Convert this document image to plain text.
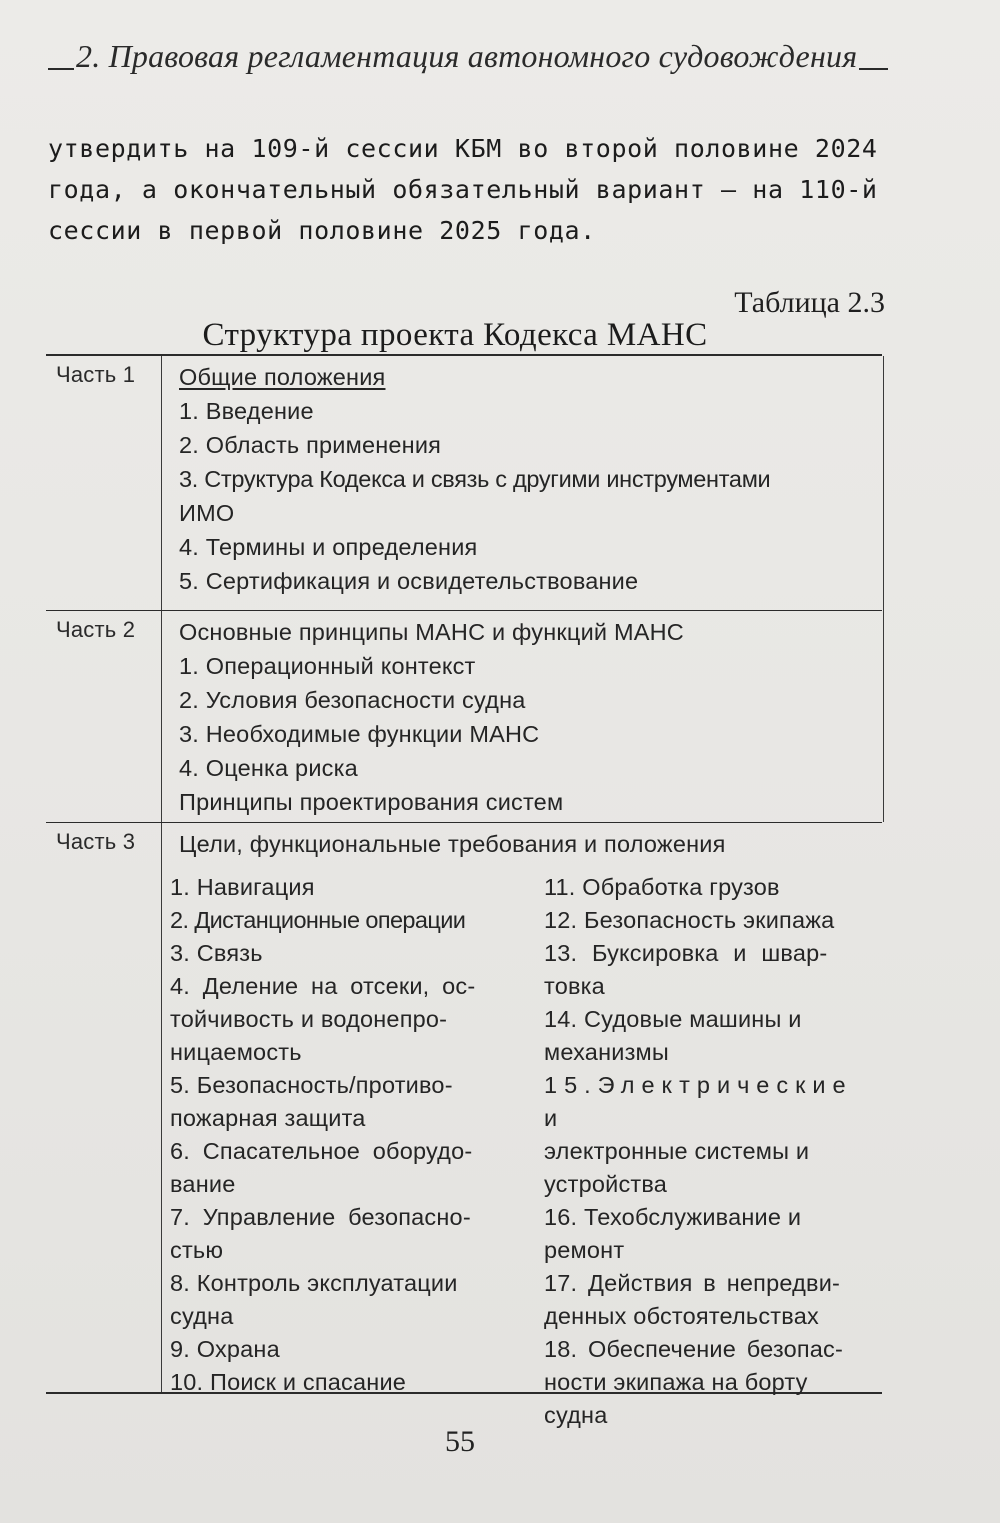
2. Правовая регламентация автономного судовождения
утвердить на 109-й сессии КБМ во второй половине 2024
года, а окончательный обязательный вариант – на 110-й
сессии в первой половине 2025 года.
Таблица 2.3
Структура проекта Кодекса МАНС
Часть 1 Общие положения
1. Введение
2. Область применения
3. Структура Кодекса и связь с другими инструментами
ИМО
4. Термины и определения
5. Сертификация и освидетельствование
Часть 2 Основные принципы МАНС и функций МАНС
1. Операционный контекст
2. Условия безопасности судна
3. Необходимые функции МАНС
4. Оценка риска
Принципы проектирования систем
Часть 3 Цели, функциональные требования и положения
1. Навигация
2. Дистанционные операции
3. Связь
4. Деление на отсеки, ос-
тойчивость и водонепро-
ницаемость
5. Безопасность/противо-
пожарная защита
6. Спасательное оборудо-
вание
7. Управление безопасно-
стью
8. Контроль эксплуатации
судна
9. Охрана
10. Поиск и спасание
11. Обработка грузов
12. Безопасность экипажа
13. Буксировка и швар-
товка
14. Судовые машины и
механизмы
15.Электрические и
электронные системы и
устройства
16. Техобслуживание и
ремонт
17. Действия в непредви-
денных обстоятельствах
18. Обеспечение безопас-
ности экипажа на борту
судна
55
